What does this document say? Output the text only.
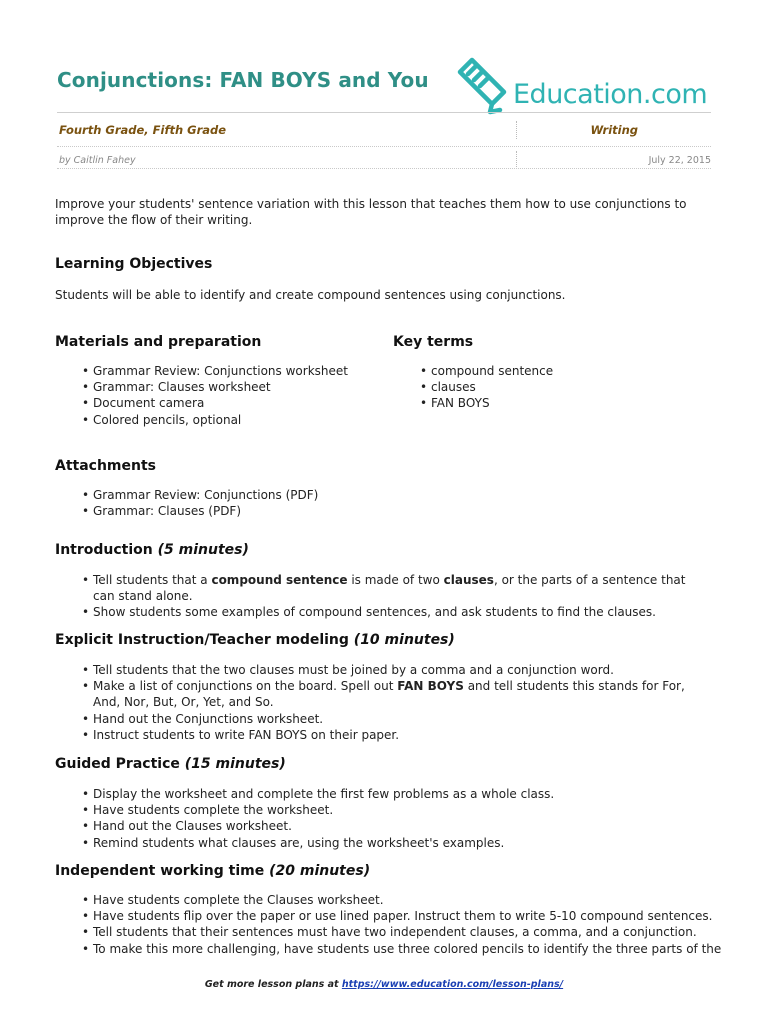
Conjunctions: FAN BOYS and You	Education.com
Fourth Grade, Fifth Grade	Writing
by Caitlin Fahey	July 22, 2015

Improve your students' sentence variation with this lesson that teaches them how to use conjunctions to improve the flow of their writing.

Learning Objectives

Students will be able to identify and create compound sentences using conjunctions.

Materials and preparation
• Grammar Review: Conjunctions worksheet
• Grammar: Clauses worksheet
• Document camera
• Colored pencils, optional
Key terms
• compound sentence
• clauses
• FAN BOYS
Attachments
• Grammar Review: Conjunctions (PDF)
• Grammar: Clauses (PDF)
Introduction (5 minutes)
• Tell students that a compound sentence is made of two clauses, or the parts of a sentence that can stand alone.
• Show students some examples of compound sentences, and ask students to find the clauses.
Explicit Instruction/Teacher modeling (10 minutes)
• Tell students that the two clauses must be joined by a comma and a conjunction word.
• Make a list of conjunctions on the board. Spell out FAN BOYS and tell students this stands for For, And, Nor, But, Or, Yet, and So.
• Hand out the Conjunctions worksheet.
• Instruct students to write FAN BOYS on their paper.
Guided Practice (15 minutes)
• Display the worksheet and complete the first few problems as a whole class.
• Have students complete the worksheet.
• Hand out the Clauses worksheet.
• Remind students what clauses are, using the worksheet's examples.
Independent working time (20 minutes)
• Have students complete the Clauses worksheet.
• Have students flip over the paper or use lined paper. Instruct them to write 5-10 compound sentences.
• Tell students that their sentences must have two independent clauses, a comma, and a conjunction.
• To make this more challenging, have students use three colored pencils to identify the three parts of the
Get more lesson plans at https://www.education.com/lesson-plans/
